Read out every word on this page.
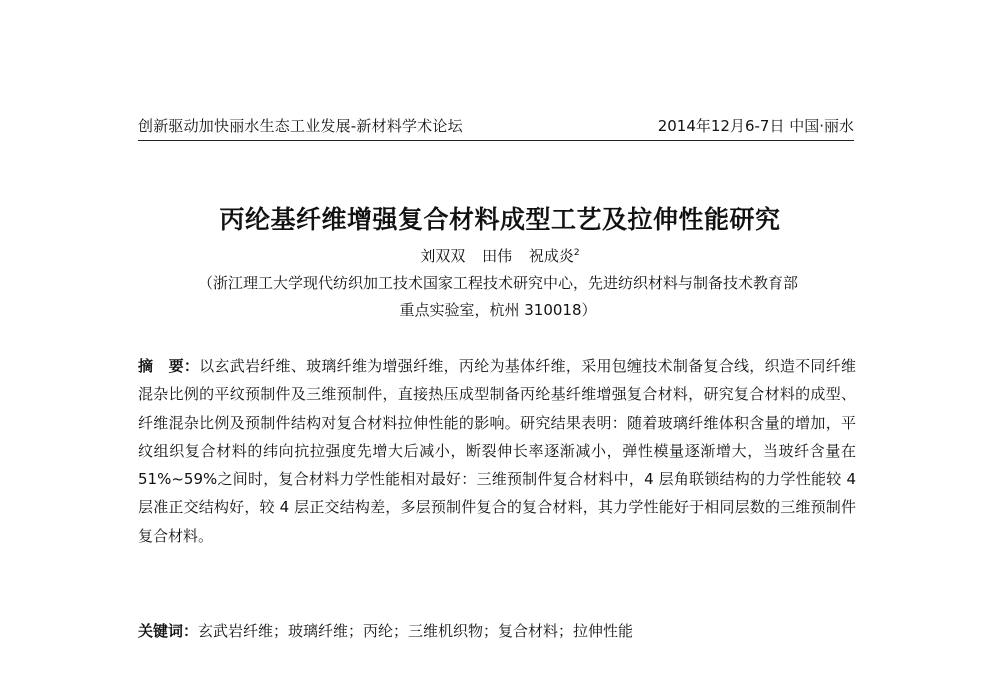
创新驱动加快丽水生态工业发展-新材料学术论坛	2014年12月6-7日 中国·丽水
丙纶基纤维增强复合材料成型工艺及拉伸性能研究
刘双双 田伟 祝成炎$^2$
（浙江理工大学现代纺织加工技术国家工程技术研究中心，先进纺织材料与制备技术教育部
重点实验室，杭州 310018）
摘　要：以玄武岩纤维、玻璃纤维为增强纤维，丙纶为基体纤维，采用包缠技术制备复合线，织造不同纤维混杂比例的平纹预制件及三维预制件，直接热压成型制备丙纶基纤维增强复合材料，研究复合材料的成型、纤维混杂比例及预制件结构对复合材料拉伸性能的影响。研究结果表明：随着玻璃纤维体积含量的增加，平纹组织复合材料的纬向抗拉强度先增大后减小，断裂伸长率逐渐减小，弹性模量逐渐增大，当玻纤含量在 51%~59%之间时，复合材料力学性能相对最好：三维预制件复合材料中，4 层角联锁结构的力学性能较 4 层准正交结构好，较 4 层正交结构差，多层预制件复合的复合材料，其力学性能好于相同层数的三维预制件复合材料。
关键词：玄武岩纤维；玻璃纤维；丙纶；三维机织物；复合材料；拉伸性能
